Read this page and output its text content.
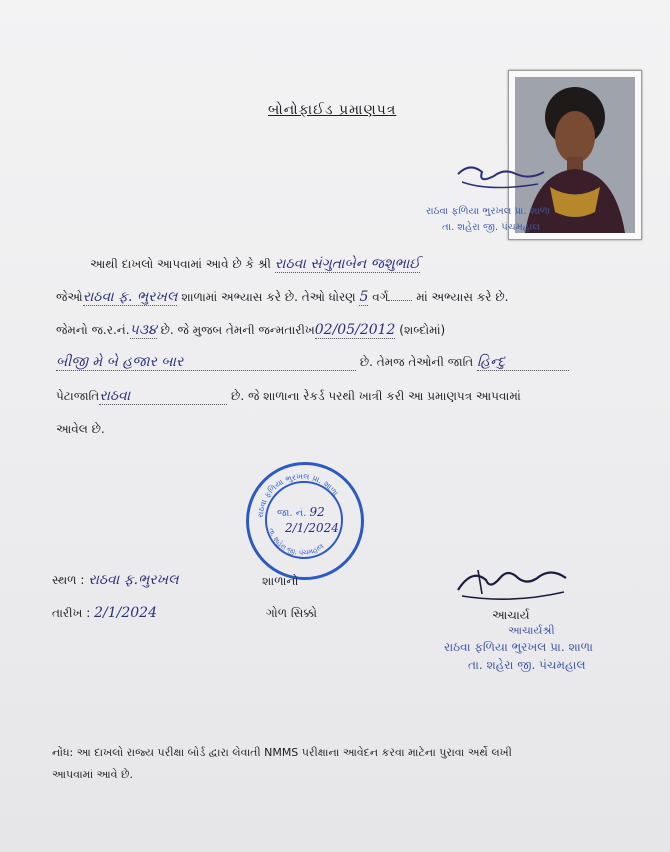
બોનોફાઈડ પ્રમાણપત્ર
રાઠવા ફળિયા ભુરખલ પ્રા. શાળા
તા. શહેરા જી. પંચમહાલ
આથી દાખલો આપવામાં આવે છે કે શ્રી રાઠવા સંગુતાબેન જશુભાઈ
જેઓરાઠવા ફ. ભુરખલ શાળામાં અભ્યાસ કરે છે. તેઓ ધોરણ 5 વર્ગ માં અભ્યાસ કરે છે.
જેમનો જ.ર.નં.૫૩૪ છે. જે મુજબ તેમની જન્મતારીખ02/05/2012 (શબ્દોમાં)
બીજી મે બે હજાર બાર	છે. તેમજ તેઓની જાતિ હિન્દુ
પેટાજાતિરાઠવા	છે. જે શાળાના રેકર્ડ પરથી ખાત્રી કરી આ પ્રમાણપત્ર આપવામાં
આવેલ છે.
રાઠવા ફળિયા ભુરખલ પ્રા. શાળા
તા. શહેરા જી. પંચમહાલ
જા. નં. 92
2/1/2024
સ્થળ : રાઠવા ફ.ભુરખલ	શાળાનો
તારીખ : 2/1/2024	ગોળ સિક્કો	આચાર્ય
આચાર્યશ્રી
રાઠવા ફળિયા ભુરખલ પ્રા. શાળા
તા. શહેરા જી. પંચમહાલ
નોંધ: આ દાખલો રાજ્ય પરીક્ષા બોર્ડ દ્વારા લેવાતી NMMS પરીક્ષાના આવેદન કરવા માટેના પુરાવા અર્થે લખી
આપવામાં આવે છે.
